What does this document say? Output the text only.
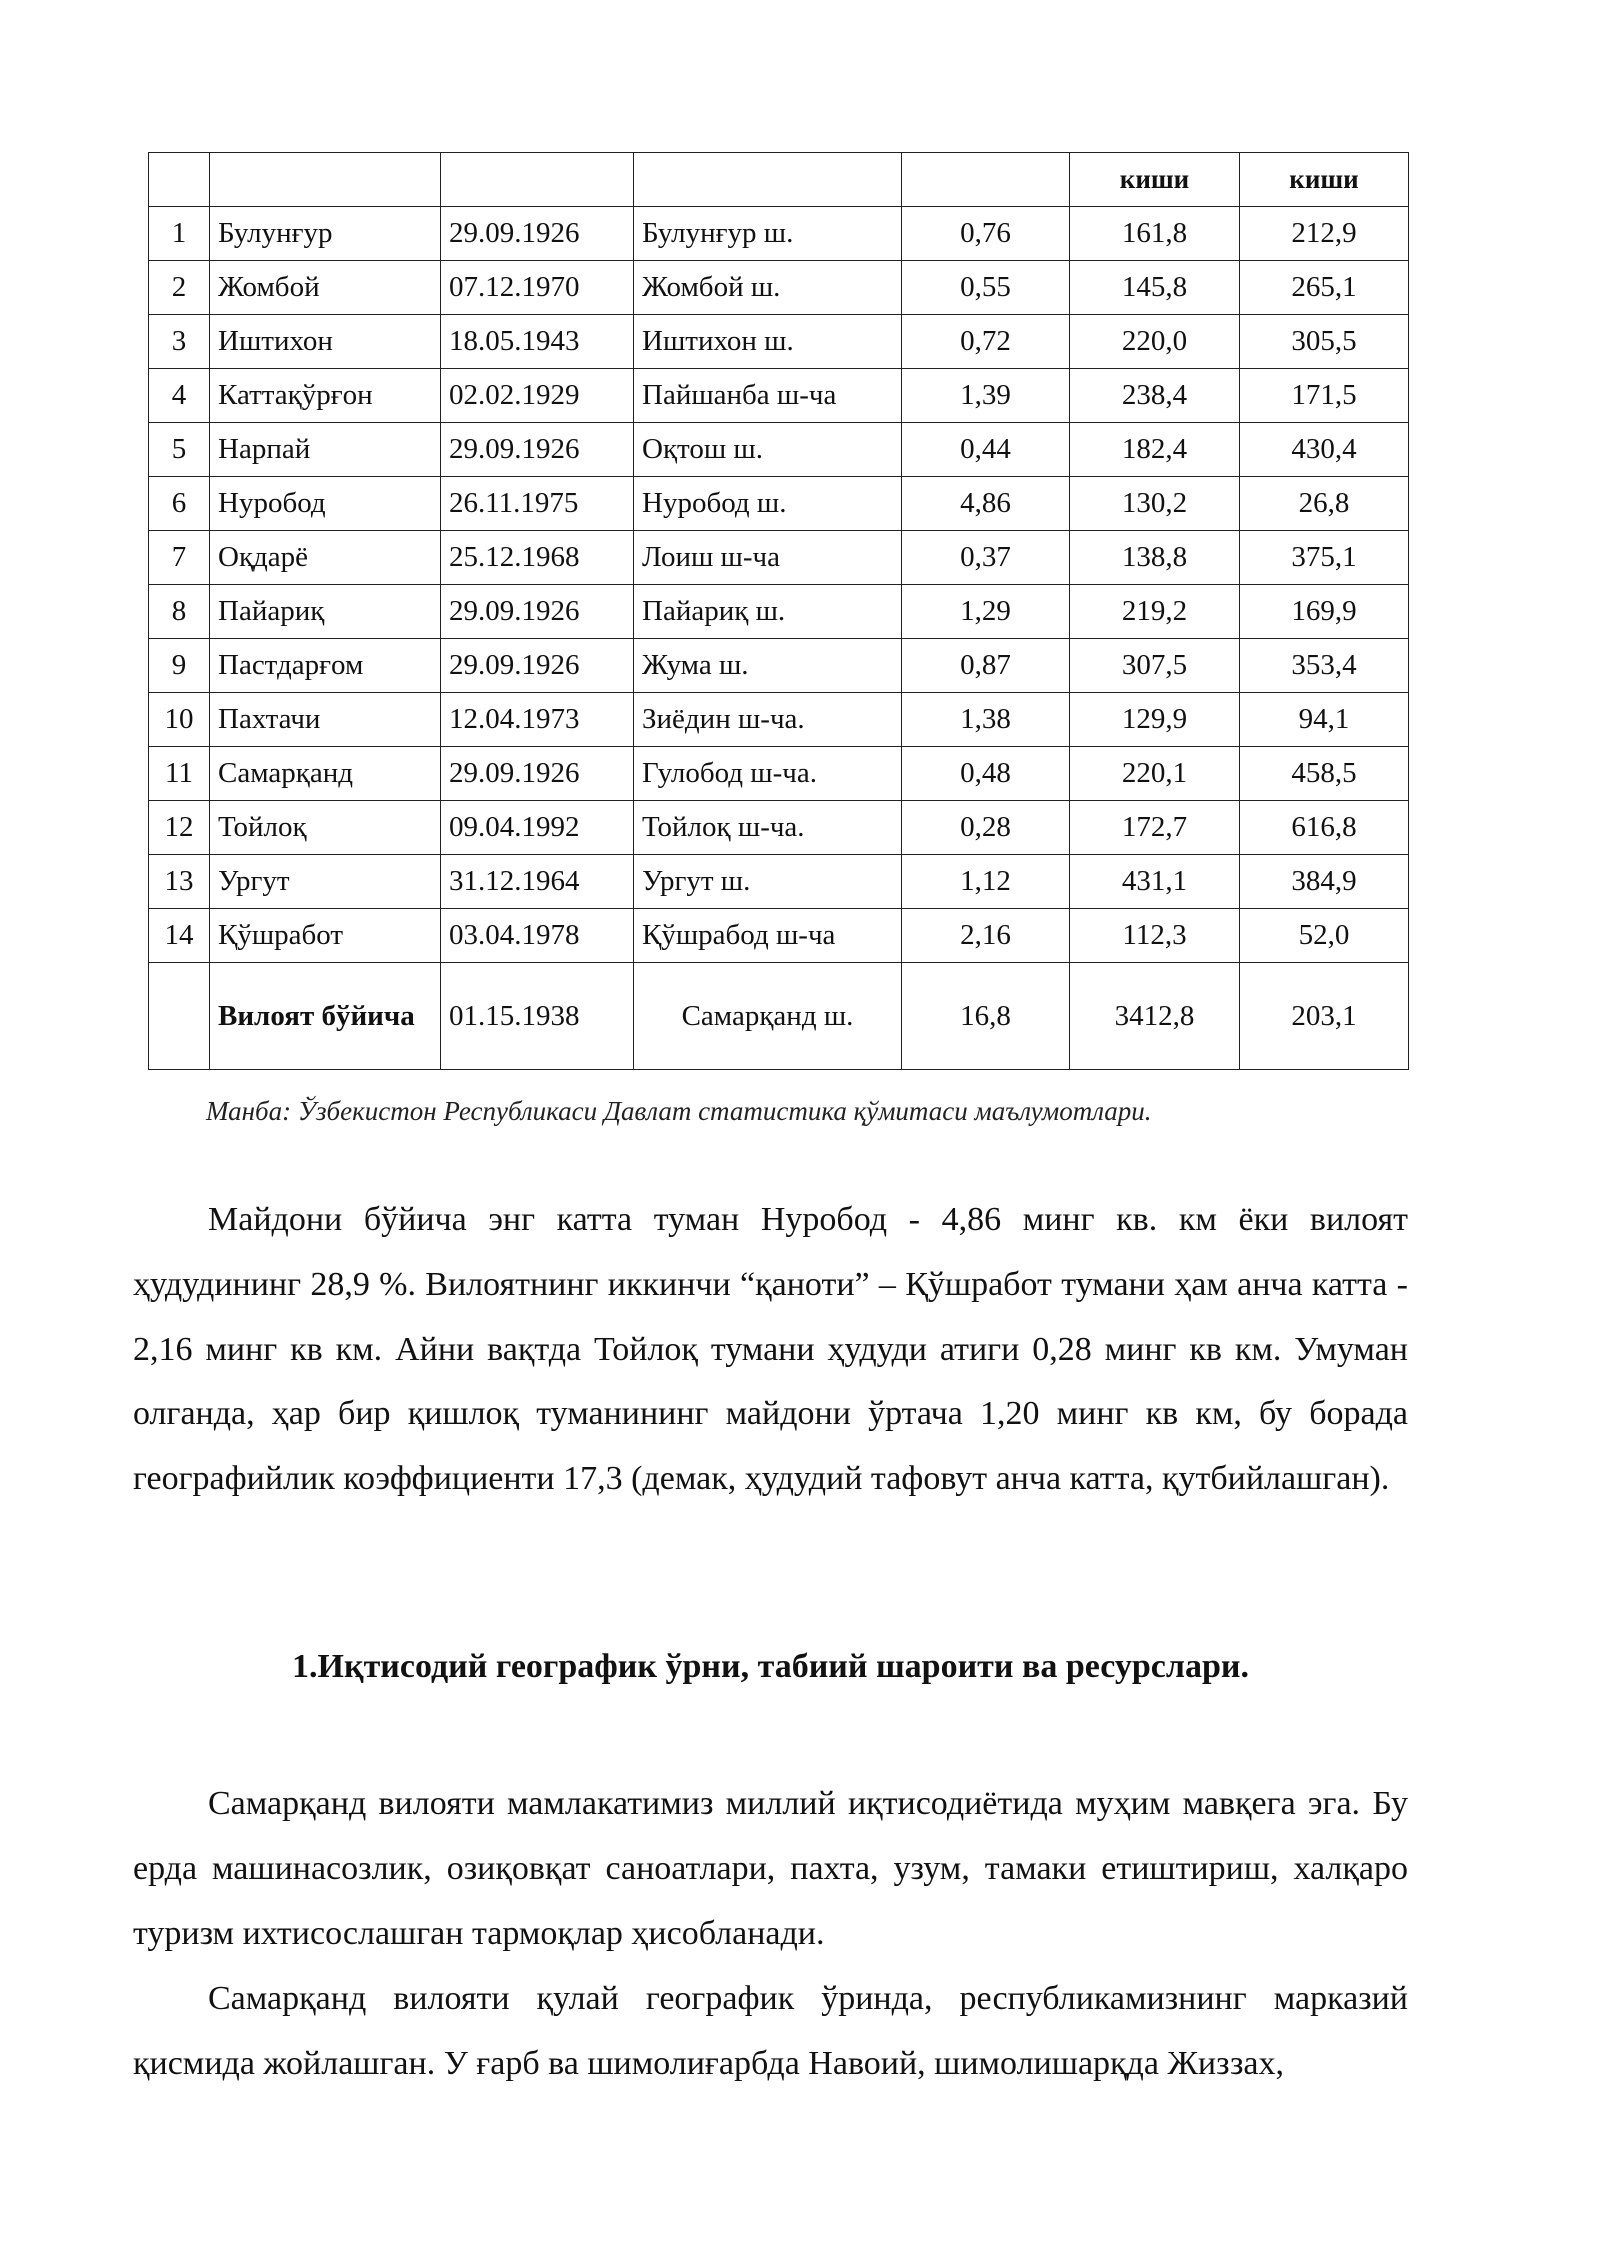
					киши	киши
1	Булунғур	29.09.1926	Булунғур ш.	0,76	161,8	212,9
2	Жомбой	07.12.1970	Жомбой ш.	0,55	145,8	265,1
3	Иштихон	18.05.1943	Иштихон ш.	0,72	220,0	305,5
4	Каттақўрғон	02.02.1929	Пайшанба ш-ча	1,39	238,4	171,5
5	Нарпай	29.09.1926	Оқтош ш.	0,44	182,4	430,4
6	Нуробод	26.11.1975	Нуробод ш.	4,86	130,2	26,8
7	Оқдарё	25.12.1968	Лоиш ш-ча	0,37	138,8	375,1
8	Пайариқ	29.09.1926	Пайариқ ш.	1,29	219,2	169,9
9	Пастдарғом	29.09.1926	Жума ш.	0,87	307,5	353,4
10	Пахтачи	12.04.1973	Зиёдин ш-ча.	1,38	129,9	94,1
11	Самарқанд	29.09.1926	Гулобод ш-ча.	0,48	220,1	458,5
12	Тойлоқ	09.04.1992	Тойлоқ ш-ча.	0,28	172,7	616,8
13	Ургут	31.12.1964	Ургут ш.	1,12	431,1	384,9
14	Қўшработ	03.04.1978	Қўшрабод ш-ча	2,16	112,3	52,0
	Вилоят бўйича	01.15.1938	Самарқанд ш.	16,8	3412,8	203,1
Манба: Ўзбекистон Республикаси Давлат статистика қўмитаси маълумотлари.

Майдони бўйича энг катта туман Нуробод - 4,86 минг кв. км ёки вилоят ҳудудининг 28,9 %. Вилоятнинг иккинчи “қаноти” – Қўшработ тумани ҳам анча катта - 2,16 минг кв км. Айни вақтда Тойлоқ тумани ҳудуди атиги 0,28 минг кв км. Умуман олганда, ҳар бир қишлоқ туманининг майдони ўртача 1,20 минг кв км, бу борада географийлик коэффициенти 17,3 (демак, ҳудудий тафовут анча катта, қутбийлашган).

1.Иқтисодий географик ўрни, табиий шароити ва ресурслари.

Самарқанд вилояти мамлакатимиз миллий иқтисодиётида муҳим мавқега эга. Бу ерда машинасозлик, озиқовқат саноатлари, пахта, узум, тамаки етиштириш, халқаро туризм ихтисослашган тармоқлар ҳисобланади.

Самарқанд вилояти қулай географик ўринда, республикамизнинг марказий қисмида жойлашган. У ғарб ва шимолиғарбда Навоий, шимолишарқда Жиззах,
